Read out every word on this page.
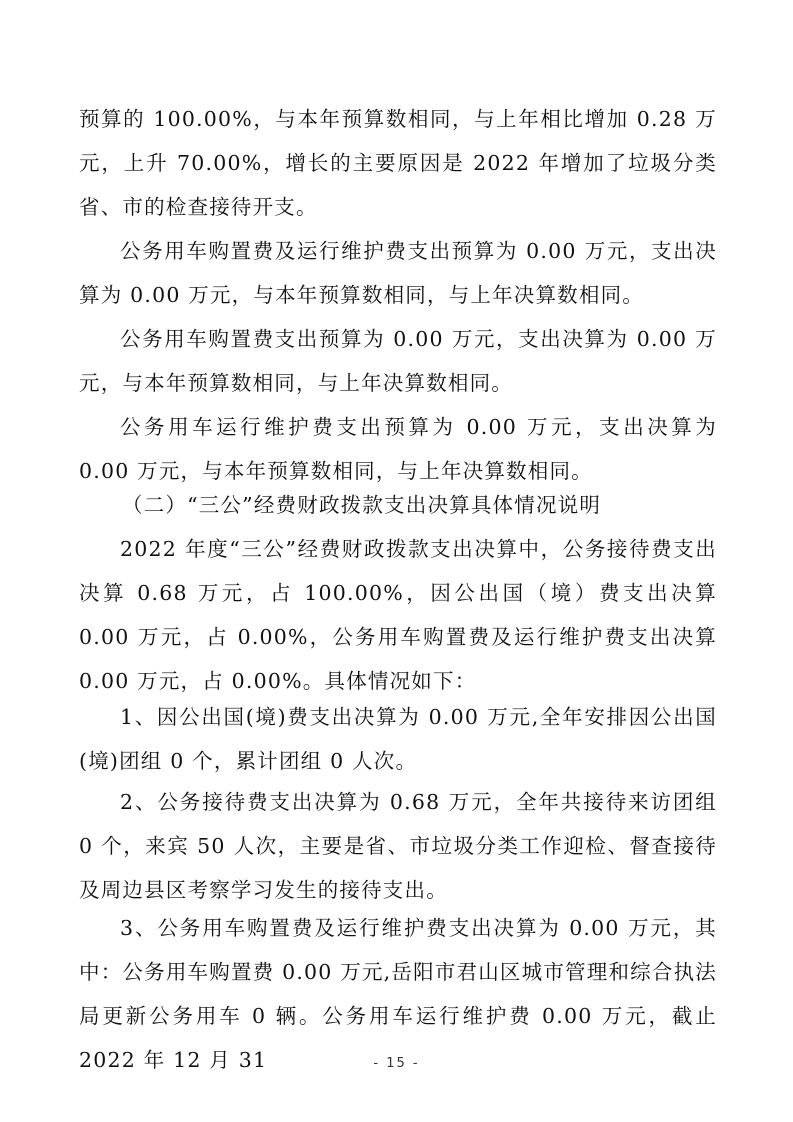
预算的 100.00%，与本年预算数相同，与上年相比增加 0.28 万元，上升 70.00%，增长的主要原因是 2022 年增加了垃圾分类省、市的检查接待开支。

公务用车购置费及运行维护费支出预算为 0.00 万元，支出决算为 0.00 万元，与本年预算数相同，与上年决算数相同。

公务用车购置费支出预算为 0.00 万元，支出决算为 0.00 万元，与本年预算数相同，与上年决算数相同。

公务用车运行维护费支出预算为 0.00 万元，支出决算为 0.00 万元，与本年预算数相同，与上年决算数相同。

（二）“三公”经费财政拨款支出决算具体情况说明

2022 年度“三公”经费财政拨款支出决算中，公务接待费支出决算 0.68 万元，占 100.00%，因公出国（境）费支出决算 0.00 万元，占 0.00%，公务用车购置费及运行维护费支出决算 0.00 万元，占 0.00%。具体情况如下：

1、因公出国(境)费支出决算为 0.00 万元,全年安排因公出国(境)团组 0 个，累计团组 0 人次。

2、公务接待费支出决算为 0.68 万元，全年共接待来访团组 0 个，来宾 50 人次，主要是省、市垃圾分类工作迎检、督查接待及周边县区考察学习发生的接待支出。

3、公务用车购置费及运行维护费支出决算为 0.00 万元，其中：公务用车购置费 0.00 万元,岳阳市君山区城市管理和综合执法局更新公务用车 0 辆。公务用车运行维护费 0.00 万元，截止 2022 年 12 月 31	- 15 -
